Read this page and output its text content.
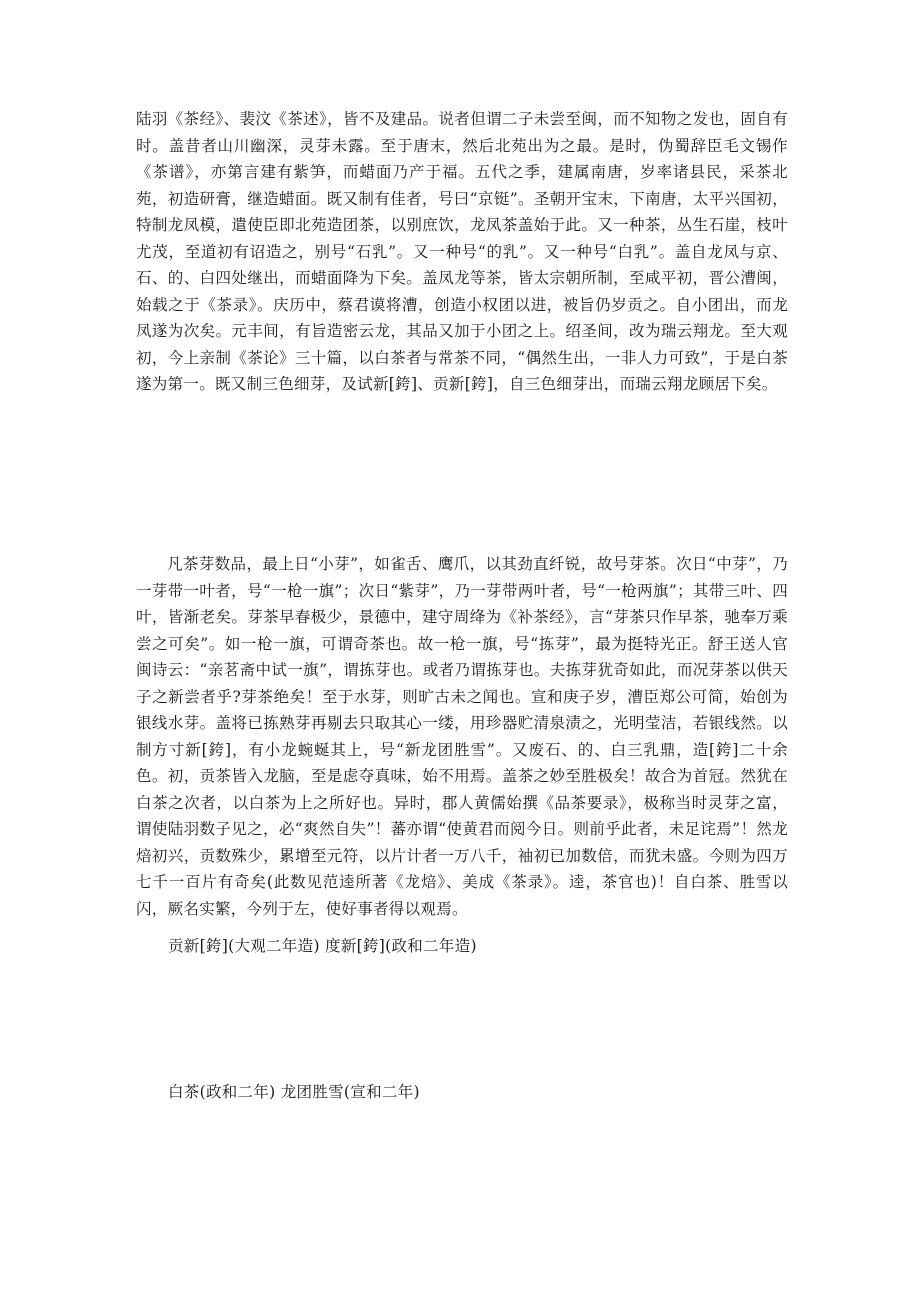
陆羽《茶经》、裴汶《茶述》，皆不及建品。说者但谓二子未尝至闽，而不知物之发也，固自有时。盖昔者山川幽深，灵芽未露。至于唐末，然后北苑出为之最。是时，伪蜀辞臣毛文锡作《茶谱》，亦第言建有紫笋，而蜡面乃产于福。五代之季，建属南唐，岁率诸县民，采茶北苑，初造研膏，继造蜡面。既又制有佳者，号曰“京铤”。圣朝开宝末，下南唐，太平兴国初，特制龙凤模，遣使臣即北苑造团茶，以别庶饮，龙凤茶盖始于此。又一种茶，丛生石崖，枝叶尤茂，至道初有诏造之，别号“石乳”。又一种号“的乳”。又一种号“白乳”。盖自龙凤与京、石、的、白四处继出，而蜡面降为下矣。盖凤龙等茶，皆太宗朝所制，至咸平初，晋公漕闽，始载之于《茶录》。庆历中，蔡君谟将漕，创造小权团以进，被旨仍岁贡之。自小团出，而龙凤遂为次矣。元丰间，有旨造密云龙，其品又加于小团之上。绍圣间，改为瑞云翔龙。至大观初，今上亲制《茶论》三十篇，以白茶者与常茶不同，“偶然生出，一非人力可致”，于是白茶遂为第一。既又制三色细芽，及试新[銙]、贡新[銙]，自三色细芽出，而瑞云翔龙顾居下矣。

凡茶芽数品，最上日“小芽”，如雀舌、鹰爪，以其劲直纤锐，故号芽茶。次日“中芽”，乃一芽带一叶者，号“一枪一旗”；次日“紫芽”，乃一芽带两叶者，号“一枪两旗”；其带三叶、四叶，皆渐老矣。芽茶早春极少，景德中，建守周绛为《补茶经》，言“芽茶只作早茶，驰奉万乘尝之可矣”。如一枪一旗，可谓奇茶也。故一枪一旗，号“拣芽”，最为挺特光正。舒王送人官闽诗云：“亲茗斋中试一旗”，谓拣芽也。或者乃谓拣芽也。夫拣芽犹奇如此，而况芽茶以供天子之新尝者乎?芽茶绝矣！至于水芽，则旷古未之闻也。宣和庚子岁，漕臣郑公可简，始创为银线水芽。盖将已拣熟芽再剔去只取其心一缕，用珍器贮清泉渍之，光明莹洁，若银线然。以制方寸新[銙]，有小龙蜿蜒其上，号“新龙团胜雪”。又废石、的、白三乳鼎，造[銙]二十余色。初，贡茶皆入龙脑，至是虑夺真味，始不用焉。盖茶之妙至胜极矣！故合为首冠。然犹在白茶之次者，以白茶为上之所好也。异时，郡人黄儒始撰《品茶要录》，极称当时灵芽之富，谓使陆羽数子见之，必“爽然自失”！蕃亦谓“使黄君而阅今日。则前乎此者，未足诧焉”！然龙焙初兴，贡数殊少，累增至元符，以片计者一万八千，袖初已加数倍，而犹未盛。今则为四万七千一百片有奇矣(此数见范逵所著《龙焙》、美成《茶录》。逵，茶官也)！自白茶、胜雪以闪，厥名实繁，今列于左，使好事者得以观焉。

贡新[銙](大观二年造) 度新[銙](政和二年造)

白茶(政和二年) 龙团胜雪(宣和二年)
